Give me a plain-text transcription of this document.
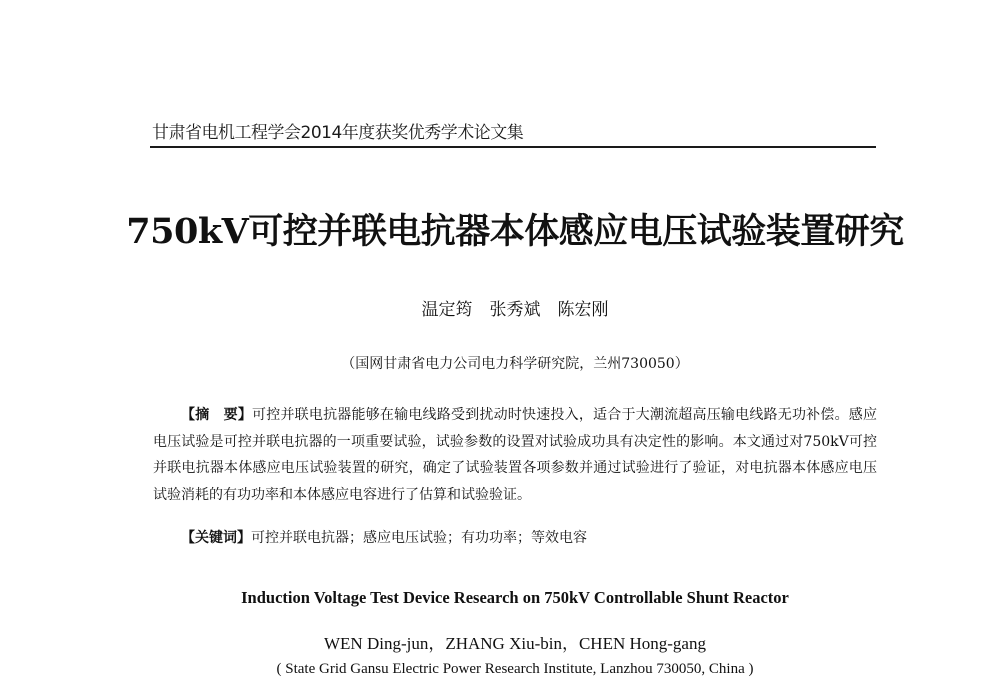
甘肃省电机工程学会2014年度获奖优秀学术论文集
750kV可控并联电抗器本体感应电压试验装置研究
温定筠　张秀斌　陈宏刚
（国网甘肃省电力公司电力科学研究院，兰州730050）
【摘　要】可控并联电抗器能够在输电线路受到扰动时快速投入，适合于大潮流超高压输电线路无功补偿。感应电压试验是可控并联电抗器的一项重要试验，试验参数的设置对试验成功具有决定性的影响。本文通过对750kV可控并联电抗器本体感应电压试验装置的研究，确定了试验装置各项参数并通过试验进行了验证，对电抗器本体感应电压试验消耗的有功功率和本体感应电容进行了估算和试验验证。
【关键词】可控并联电抗器；感应电压试验；有功功率；等效电容
Induction Voltage Test Device Research on 750kV Controllable Shunt Reactor
WEN Ding-jun，ZHANG Xiu-bin，CHEN Hong-gang
( State Grid Gansu Electric Power Research Institute, Lanzhou 730050, China )
